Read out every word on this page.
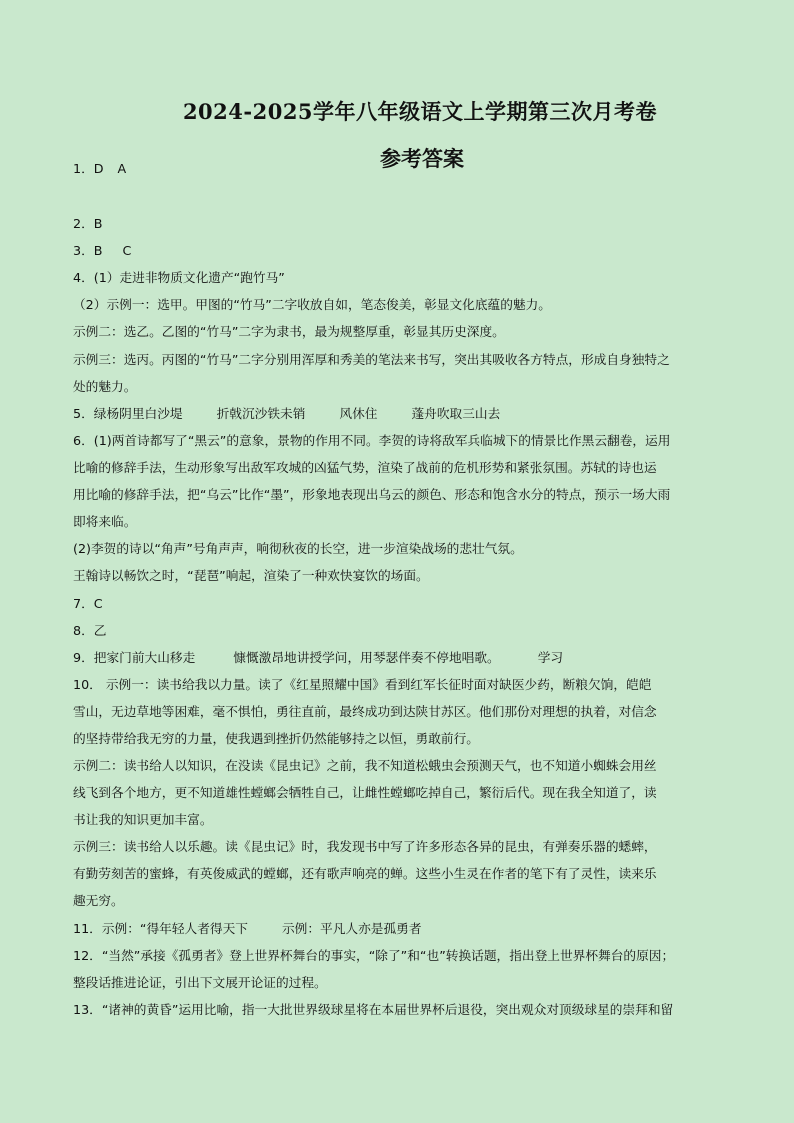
2024-2025学年八年级语文上学期第三次月考卷
参考答案
1．D A
2．B
3．B C
4．(1）走进非物质文化遗产“跑竹马”
（2）示例一：选甲。甲图的“竹马”二字收放自如，笔态俊美，彰显文化底蕴的魅力。
示例二：选乙。乙图的“竹马”二字为隶书，最为规整厚重，彰显其历史深度。
示例三：选丙。丙图的“竹马”二字分别用浑厚和秀美的笔法来书写，突出其吸收各方特点，形成自身独特之
处的魅力。
5．绿杨阴里白沙堤	折戟沉沙铁未销	风休住	蓬舟吹取三山去
6．(1)两首诗都写了“黑云”的意象，景物的作用不同。李贺的诗将敌军兵临城下的情景比作黑云翻卷，运用
比喻的修辞手法，生动形象写出敌军攻城的凶猛气势，渲染了战前的危机形势和紧张氛围。苏轼的诗也运
用比喻的修辞手法，把“乌云”比作“墨”，形象地表现出乌云的颜色、形态和饱含水分的特点，预示一场大雨
即将来临。
(2)李贺的诗以“角声”号角声声，响彻秋夜的长空，进一步渲染战场的悲壮气氛。
王翰诗以畅饮之时，“琵琶”响起，渲染了一种欢快宴饮的场面。
7．C
8．乙
9．把家门前大山移走	慷慨激昂地讲授学问，用琴瑟伴奏不停地唱歌。	学习
10． 示例一：读书给我以力量。读了《红星照耀中国》看到红军长征时面对缺医少药，断粮欠饷，皑皑
雪山，无边草地等困难，毫不惧怕，勇往直前，最终成功到达陕甘苏区。他们那份对理想的执着，对信念
的坚持带给我无穷的力量，使我遇到挫折仍然能够持之以恒，勇敢前行。
示例二：读书给人以知识，在没读《昆虫记》之前，我不知道松蛾虫会预测天气，也不知道小蜘蛛会用丝
线飞到各个地方，更不知道雄性螳螂会牺牲自己，让雌性螳螂吃掉自己，繁衍后代。现在我全知道了，读
书让我的知识更加丰富。
示例三：读书给人以乐趣。读《昆虫记》时，我发现书中写了许多形态各异的昆虫，有弹奏乐器的蟋蟀，
有勤劳刻苦的蜜蜂，有英俊威武的螳螂，还有歌声响亮的蝉。这些小生灵在作者的笔下有了灵性，读来乐
趣无穷。
11．示例：“得年轻人者得天下	示例：平凡人亦是孤勇者
12．“当然”承接《孤勇者》登上世界杯舞台的事实，“除了”和“也”转换话题，指出登上世界杯舞台的原因；
整段话推进论证，引出下文展开论证的过程。
13．“诸神的黄昏”运用比喻，指一大批世界级球星将在本届世界杯后退役，突出观众对顶级球星的崇拜和留
